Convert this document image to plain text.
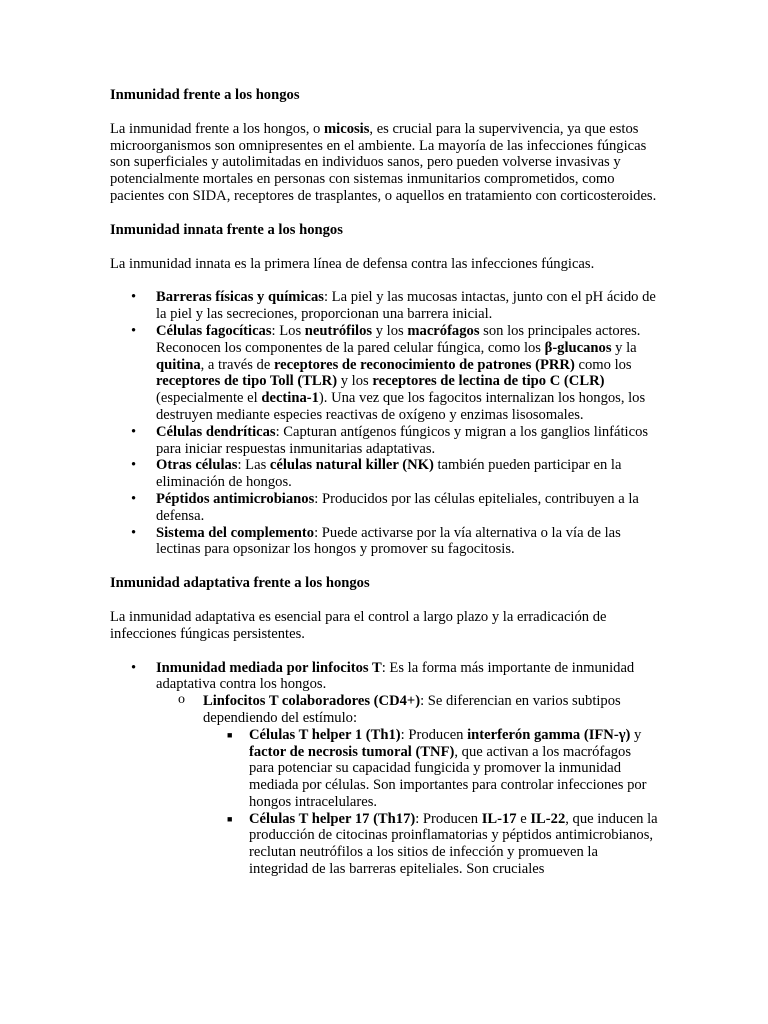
Inmunidad frente a los hongos

La inmunidad frente a los hongos, o micosis, es crucial para la supervivencia, ya que estos microorganismos son omnipresentes en el ambiente. La mayoría de las infecciones fúngicas son superficiales y autolimitadas en individuos sanos, pero pueden volverse invasivas y potencialmente mortales en personas con sistemas inmunitarios comprometidos, como pacientes con SIDA, receptores de trasplantes, o aquellos en tratamiento con corticosteroides.

Inmunidad innata frente a los hongos

La inmunidad innata es la primera línea de defensa contra las infecciones fúngicas.

• Barreras físicas y químicas: La piel y las mucosas intactas, junto con el pH ácido de la piel y las secreciones, proporcionan una barrera inicial.
• Células fagocíticas: Los neutrófilos y los macrófagos son los principales actores. Reconocen los componentes de la pared celular fúngica, como los β-glucanos y la quitina, a través de receptores de reconocimiento de patrones (PRR) como los receptores de tipo Toll (TLR) y los receptores de lectina de tipo C (CLR) (especialmente el dectina-1). Una vez que los fagocitos internalizan los hongos, los destruyen mediante especies reactivas de oxígeno y enzimas lisosomales.
• Células dendríticas: Capturan antígenos fúngicos y migran a los ganglios linfáticos para iniciar respuestas inmunitarias adaptativas.
• Otras células: Las células natural killer (NK) también pueden participar en la eliminación de hongos.
• Péptidos antimicrobianos: Producidos por las células epiteliales, contribuyen a la defensa.
• Sistema del complemento: Puede activarse por la vía alternativa o la vía de las lectinas para opsonizar los hongos y promover su fagocitosis.
Inmunidad adaptativa frente a los hongos

La inmunidad adaptativa es esencial para el control a largo plazo y la erradicación de infecciones fúngicas persistentes.

• Inmunidad mediada por linfocitos T: Es la forma más importante de inmunidad adaptativa contra los hongos.
o Linfocitos T colaboradores (CD4+): Se diferencian en varios subtipos dependiendo del estímulo:
■ Células T helper 1 (Th1): Producen interferón gamma (IFN-γ) y factor de necrosis tumoral (TNF), que activan a los macrófagos para potenciar su capacidad fungicida y promover la inmunidad mediada por células. Son importantes para controlar infecciones por hongos intracelulares.
■ Células T helper 17 (Th17): Producen IL-17 e IL-22, que inducen la producción de citocinas proinflamatorias y péptidos antimicrobianos, reclutan neutrófilos a los sitios de infección y promueven la integridad de las barreras epiteliales. Son cruciales
